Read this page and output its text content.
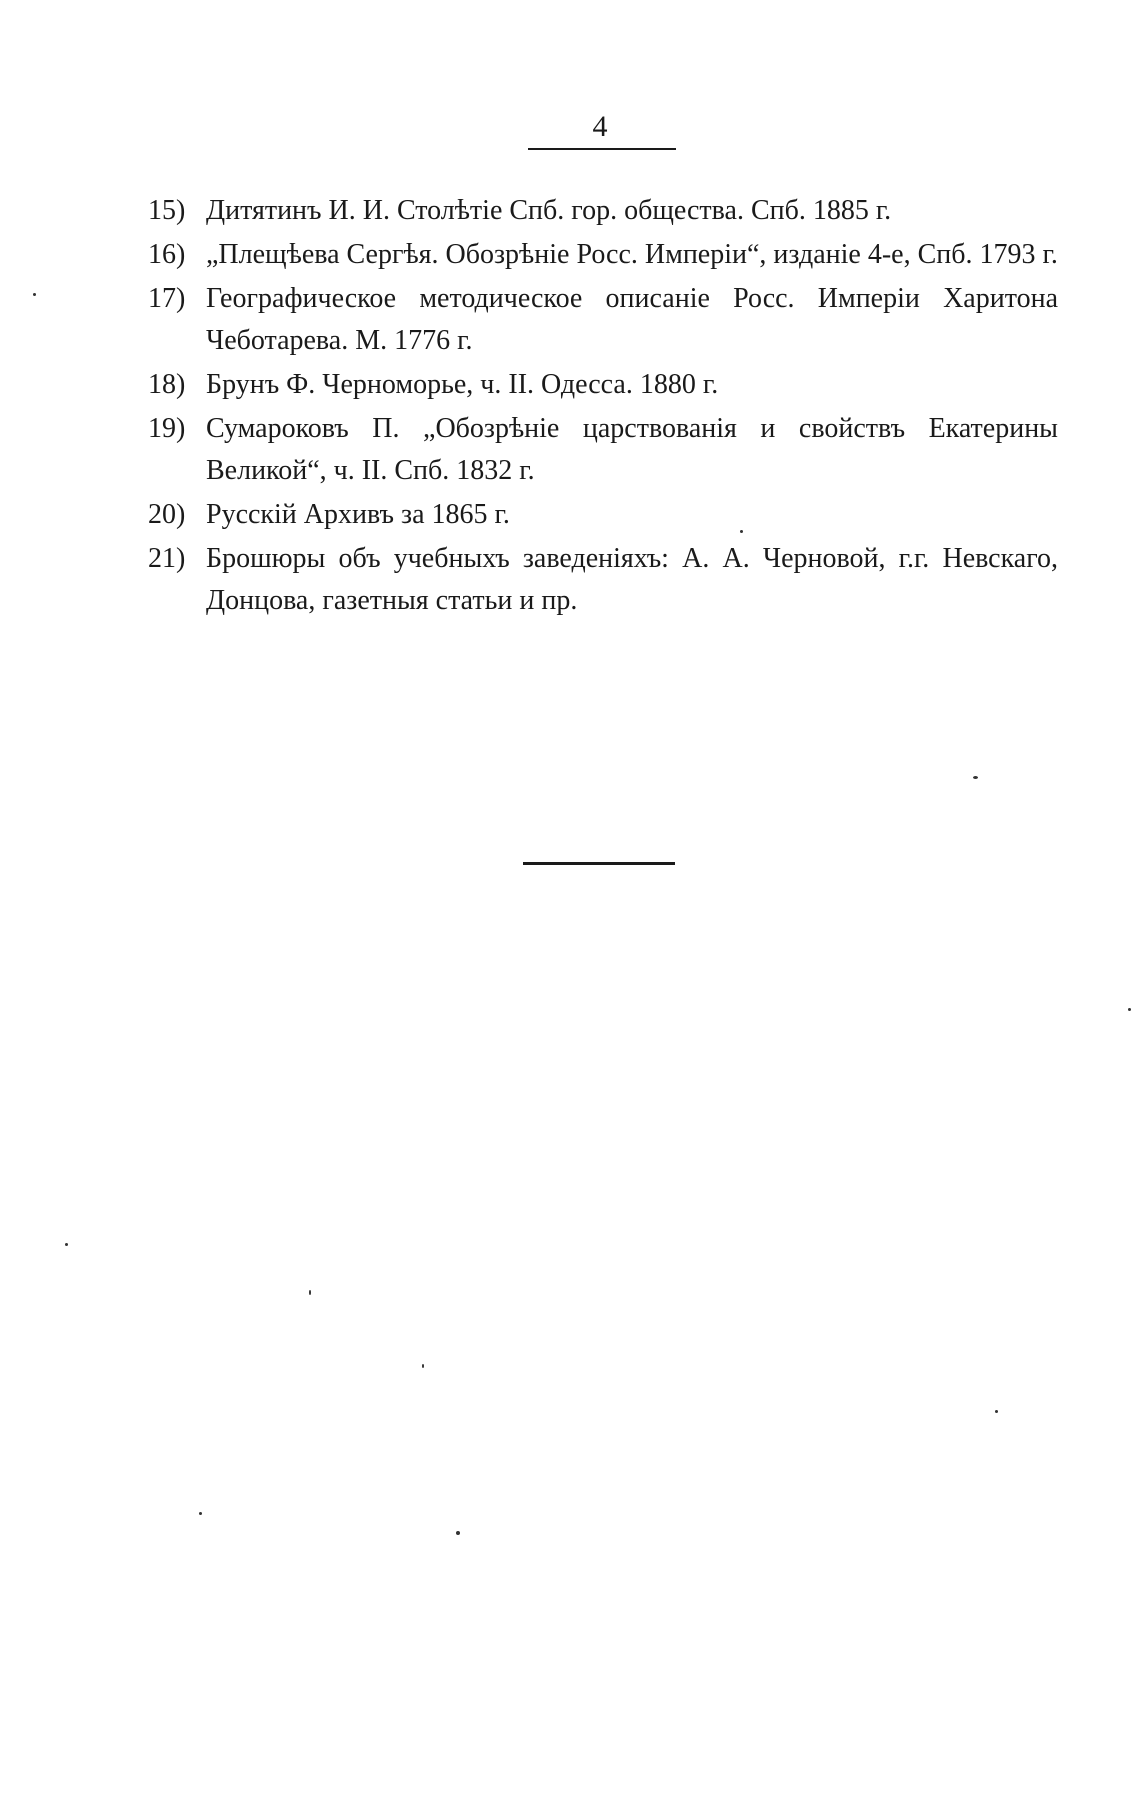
4
15) Дитятинъ И. И. Столѣтіе Спб. гор. общества. Спб. 1885 г.
16) „Плещѣева Сергѣя. Обозрѣніе Росс. Имперіи“, изданіе 4-е, Спб. 1793 г.
17) Географическое методическое описаніе Росс. Имперіи Харитона Чеботарева. М. 1776 г.
18) Брунъ Ф. Черноморье, ч. II. Одесса. 1880 г.
19) Сумароковъ П. „Обозрѣніе царствованія и свойствъ Екатерины Великой“, ч. II. Спб. 1832 г.
20) Русскій Архивъ за 1865 г.
21) Брошюры объ учебныхъ заведеніяхъ: А. А. Черновой, г.г. Невскаго, Донцова, газетныя статьи и пр.
